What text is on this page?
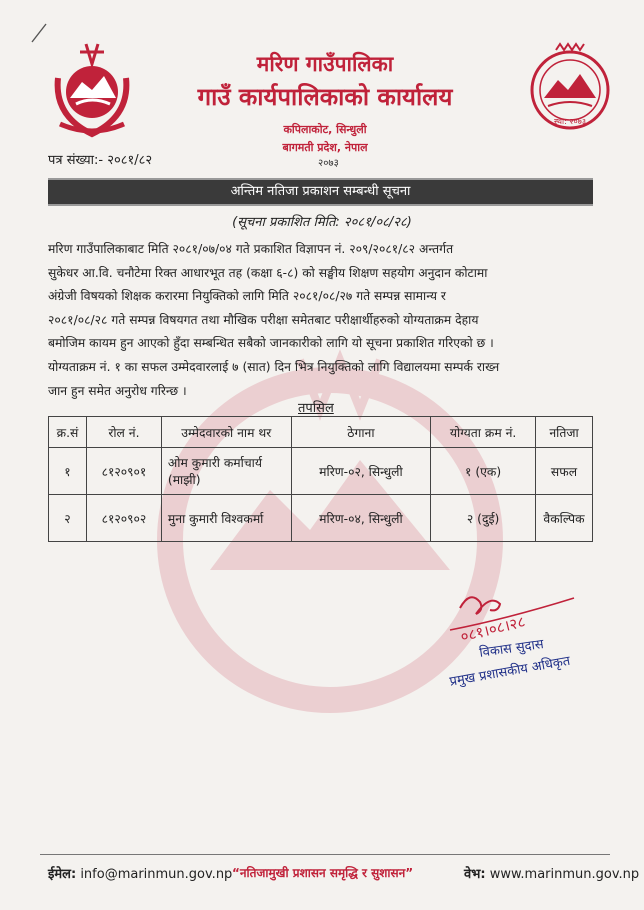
स्था: २०७३
मरिण गाउँपालिका
गाउँ कार्यपालिकाको कार्यालय
कपिलाकोट, सिन्धुली
बागमती प्रदेश, नेपाल
२०७३
पत्र संख्या:- २०८१/८२
अन्तिम नतिजा प्रकाशन सम्बन्धी सूचना
(सूचना प्रकाशित मिति: २०८१/०८/२८)
मरिण गाउँपालिकाबाट मिति २०८१/०७/०४ गते प्रकाशित विज्ञापन नं. २०९/२०८१/८२ अन्तर्गत
सुकेधर आ.वि. चनौटेमा रिक्त आधारभूत तह (कक्षा ६-८) को सङ्घीय शिक्षण सहयोग अनुदान कोटामा
अंग्रेजी विषयको शिक्षक करारमा नियुक्तिको लागि मिति २०८१/०८/२७ गते सम्पन्न सामान्य र
२०८१/०८/२८ गते सम्पन्न विषयगत तथा मौखिक परीक्षा समेतबाट परीक्षार्थीहरुको योग्यताक्रम देहाय
बमोजिम कायम हुन आएको हुँदा सम्बन्धित सबैको जानकारीको लागि यो सूचना प्रकाशित गरिएको छ ।
योग्यताक्रम नं. १ का सफल उम्मेदवारलाई ७ (सात) दिन भित्र नियुक्तिको लागि विद्यालयमा सम्पर्क राख्न
जान हुन समेत अनुरोध गरिन्छ ।
तपसिल
क्र.सं	रोल नं.	उम्मेदवारको नाम थर	ठेगाना	योग्यता क्रम नं.	नतिजा
१	८१२०९०१	ओम कुमारी कर्माचार्य (माझी)	मरिण-०२, सिन्धुली	१ (एक)	सफल
२	८१२०९०२	मुना कुमारी विश्वकर्मा	मरिण-०४, सिन्धुली	२ (दुई)	वैकल्पिक
०८१।०८।२८
विकास सुदास
प्रमुख प्रशासकीय अधिकृत
ईमेल: info@marinmun.gov.np “नतिजामुखी प्रशासन समृद्धि र सुशासन”	वेभ: www.marinmun.gov.np
